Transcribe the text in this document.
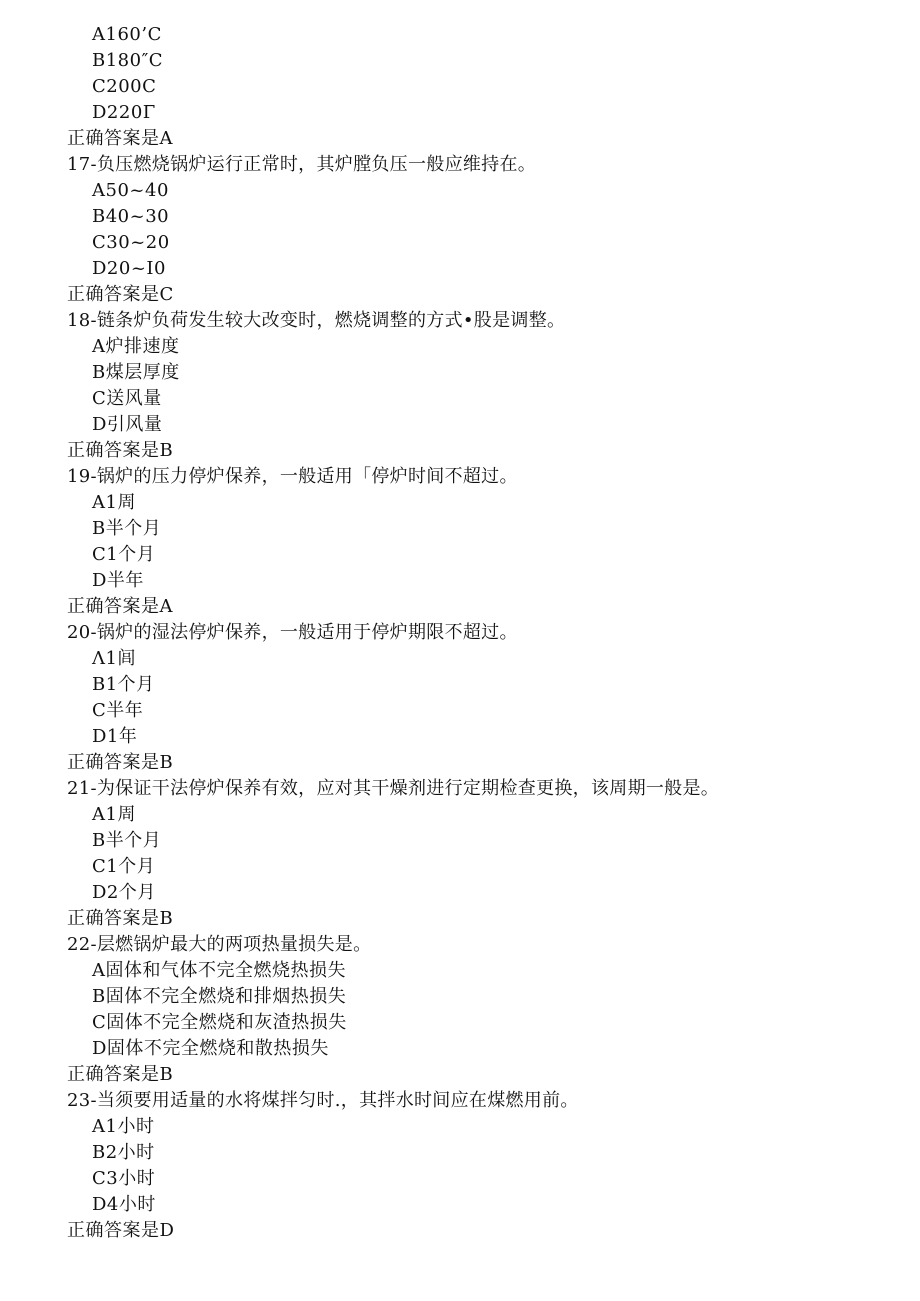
A160’C
B180″C
C200C
D220Γ
正确答案是A
17-负压燃烧锅炉运行正常时，其炉膛负压一般应维持在。
A50~40
B40~30
C30~20
D20~I0
正确答案是C
18-链条炉负荷发生较大改变时，燃烧调整的方式•股是调整。
A炉排速度
B煤层厚度
C送风量
D引风量
正确答案是B
19-锅炉的压力停炉保养，一般适用「停炉时间不超过。
A1周
B半个月
C1个月
D半年
正确答案是A
20-锅炉的湿法停炉保养，一般适用于停炉期限不超过。
Λ1闾
B1个月
C半年
D1年
正确答案是B
21-为保证干法停炉保养有效，应对其干燥剂进行定期检查更换，该周期一般是。
A1周
B半个月
C1个月
D2个月
正确答案是B
22-层燃锅炉最大的两项热量损失是。
A固体和气体不完全燃烧热损失
B固体不完全燃烧和排烟热损失
C固体不完全燃烧和灰渣热损失
D固体不完全燃烧和散热损失
正确答案是B
23-当须要用适量的水将煤拌匀时.，其拌水时间应在煤燃用前。
A1小时
B2小时
C3小时
D4小时
正确答案是D
